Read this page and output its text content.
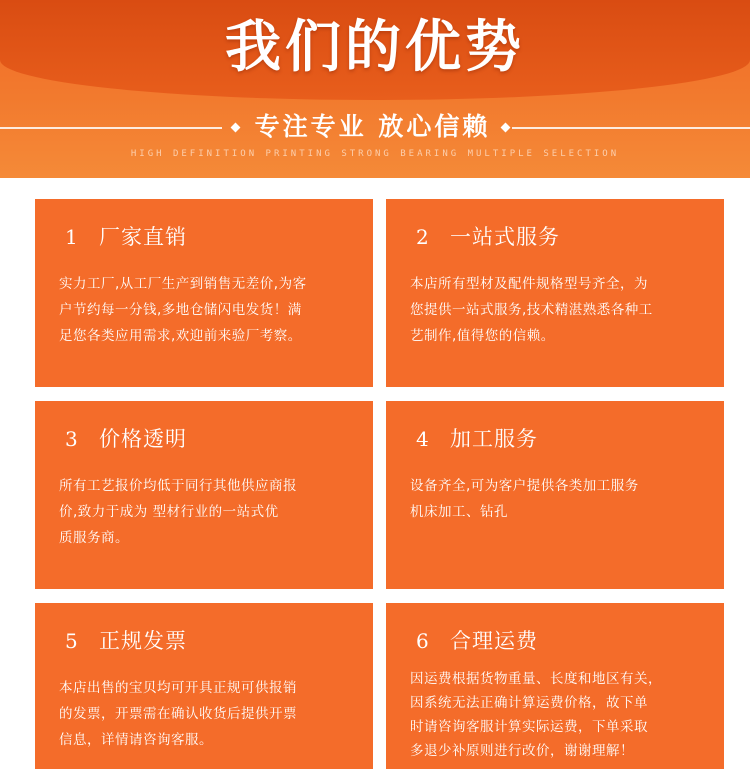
我们的优势
专注专业 放心信赖
HIGH DEFINITION PRINTING STRONG BEARING MULTIPLE SELECTION
1 厂家直销
实力工厂,从工厂生产到销售无差价,为客
户节约每一分钱,多地仓储闪电发货！满
足您各类应用需求,欢迎前来验厂考察。
2 一站式服务
本店所有型材及配件规格型号齐全，为
您提供一站式服务,技术精湛熟悉各种工
艺制作,值得您的信赖。
3 价格透明
所有工艺报价均低于同行其他供应商报
价,致力于成为 型材行业的一站式优
质服务商。
4 加工服务
设备齐全,可为客户提供各类加工服务
机床加工、钻孔
5 正规发票
本店出售的宝贝均可开具正规可供报销
的发票，开票需在确认收货后提供开票
信息，详情请咨询客服。
6 合理运费
因运费根据货物重量、长度和地区有关，
因系统无法正确计算运费价格，故下单
时请咨询客服计算实际运费，下单采取
多退少补原则进行改价，谢谢理解！
